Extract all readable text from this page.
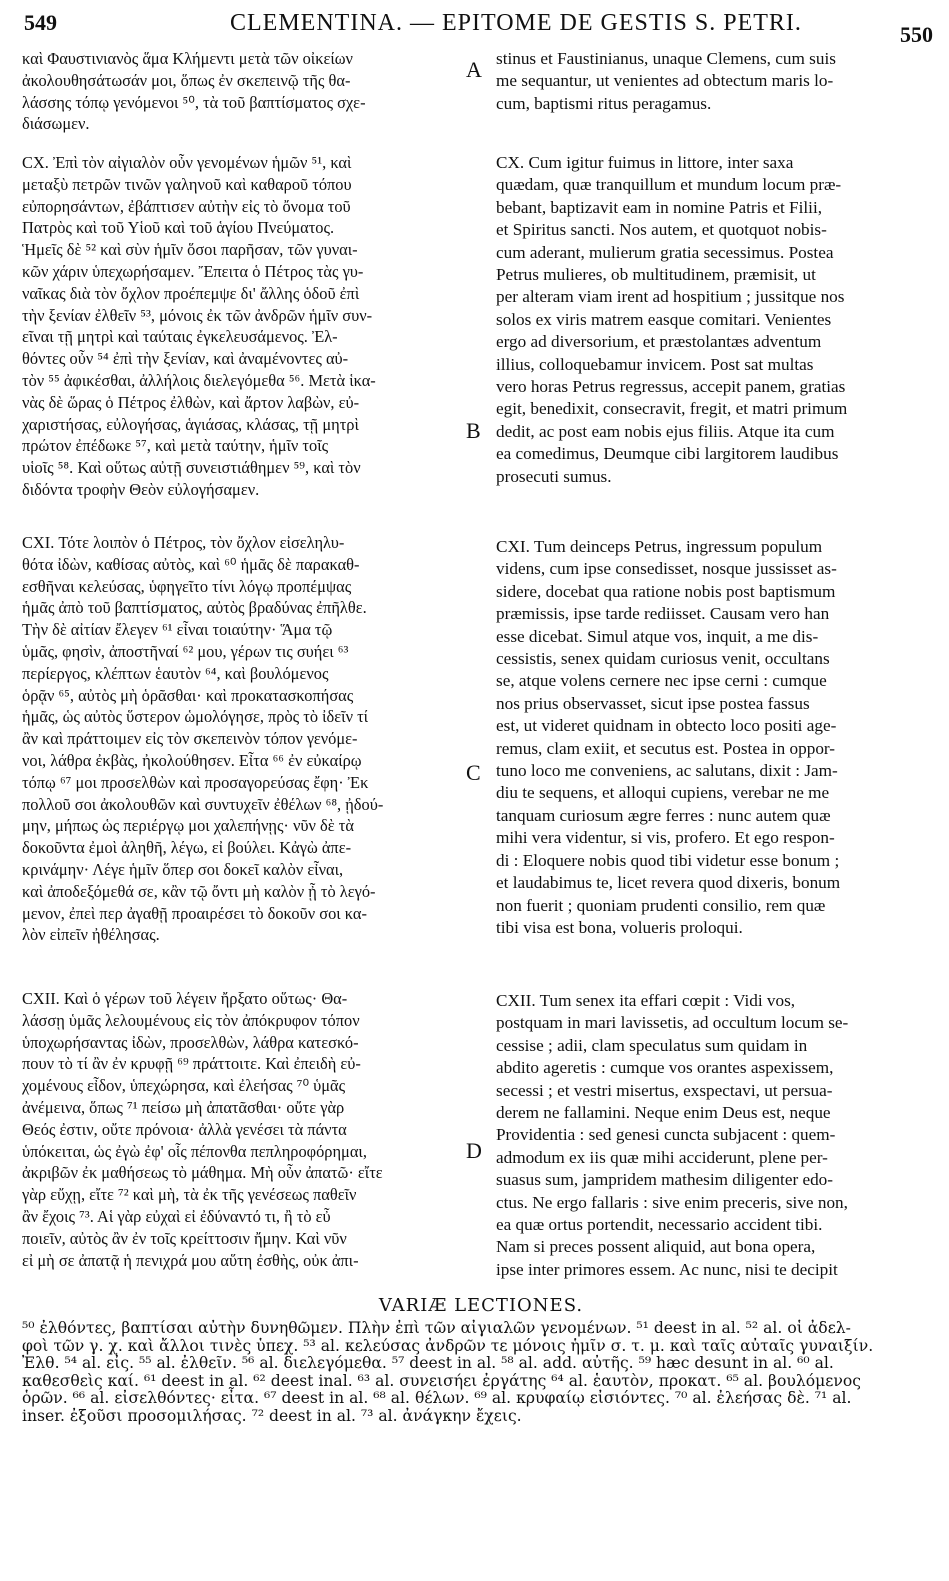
549	CLEMENTINA. — EPITOME DE GESTIS S. PETRI.	550
καὶ Φαυστινιανὸς ἅμα Κλήμεντι μετὰ τῶν οἰκείων
ἀκολουθησάτωσάν μοι, ὅπως ἐν σκεπεινῷ τῆς θα-
λάσσης τόπῳ γενόμενοι ⁵⁰, τὰ τοῦ βαπτίσματος σχε-
διάσωμεν.
CX. Ἐπὶ τὸν αἰγιαλὸν οὖν γενομένων ἡμῶν ⁵¹, καὶ
μεταξὺ πετρῶν τινῶν γαληνοῦ καὶ καθαροῦ τόπου
εὐπορησάντων, ἐβάπτισεν αὐτὴν εἰς τὸ ὄνομα τοῦ
Πατρὸς καὶ τοῦ Υἱοῦ καὶ τοῦ ἁγίου Πνεύματος.
Ἡμεῖς δὲ ⁵² καὶ σὺν ἡμῖν ὅσοι παρῆσαν, τῶν γυναι-
κῶν χάριν ὑπεχωρήσαμεν. Ἔπειτα ὁ Πέτρος τὰς γυ-
ναῖκας διὰ τὸν ὄχλον προέπεμψε δι' ἄλλης ὁδοῦ ἐπὶ
τὴν ξενίαν ἐλθεῖν ⁵³, μόνοις ἐκ τῶν ἀνδρῶν ἡμῖν συν-
εῖναι τῇ μητρὶ καὶ ταύταις ἐγκελευσάμενος. Ἐλ-
θόντες οὖν ⁵⁴ ἐπὶ τὴν ξενίαν, καὶ ἀναμένοντες αὐ-
τὸν ⁵⁵ ἀφικέσθαι, ἀλλήλοις διελεγόμεθα ⁵⁶. Μετὰ ἱκα-
νὰς δὲ ὥρας ὁ Πέτρος ἐλθὼν, καὶ ἄρτον λαβὼν, εὐ-
χαριστήσας, εὐλογήσας, ἁγιάσας, κλάσας, τῇ μητρὶ
πρώτον ἐπέδωκε ⁵⁷, καὶ μετὰ ταύτην, ἡμῖν τοῖς
υἱοῖς ⁵⁸. Καὶ οὕτως αὐτῇ συνειστιάθημεν ⁵⁹, καὶ τὸν
διδόντα τροφὴν Θεὸν εὐλογήσαμεν.
CXI. Τότε λοιπὸν ὁ Πέτρος, τὸν ὄχλον εἰσεληλυ-
θότα ἰδὼν, καθίσας αὐτὸς, καὶ ⁶⁰ ἡμᾶς δὲ παρακαθ-
εσθῆναι κελεύσας, ὑφηγεῖτο τίνι λόγῳ προπέμψας
ἡμᾶς ἀπὸ τοῦ βαπτίσματος, αὐτὸς βραδύνας ἐπῆλθε.
Τὴν δὲ αἰτίαν ἔλεγεν ⁶¹ εἶναι τοιαύτην· Ἅμα τῷ
ὑμᾶς, φησὶν, ἀποστῆναί ⁶² μου, γέρων τις συήει ⁶³
περίεργος, κλέπτων ἑαυτὸν ⁶⁴, καὶ βουλόμενος
ὁρᾷν ⁶⁵, αὐτὸς μὴ ὁρᾶσθαι· καὶ προκατασκοπήσας
ἡμᾶς, ὡς αὐτὸς ὕστερον ὡμολόγησε, πρὸς τὸ ἰδεῖν τί
ἂν καὶ πράττοιμεν εἰς τὸν σκεπεινὸν τόπον γενόμε-
νοι, λάθρα ἐκβὰς, ἠκολούθησεν. Εἶτα ⁶⁶ ἐν εὐκαίρῳ
τόπῳ ⁶⁷ μοι προσελθὼν καὶ προσαγορεύσας ἔφη· Ἐκ
πολλοῦ σοι ἀκολουθῶν καὶ συντυχεῖν ἐθέλων ⁶⁸, ᾐδού-
μην, μήπως ὡς περιέργῳ μοι χαλεπήνῃς· νῦν δὲ τὰ
δοκοῦντα ἐμοὶ ἀληθῆ, λέγω, εἰ βούλει. Κἀγὼ ἀπε-
κρινάμην· Λέγε ἡμῖν ὅπερ σοι δοκεῖ καλὸν εἶναι,
καὶ ἀποδεξόμεθά σε, κἂν τῷ ὄντι μὴ καλὸν ᾖ τὸ λεγό-
μενον, ἐπεὶ περ ἀγαθῇ προαιρέσει τὸ δοκοῦν σοι κα-
λὸν εἰπεῖν ἠθέλησας.
CXII. Καὶ ὁ γέρων τοῦ λέγειν ἤρξατο οὕτως· Θα-
λάσσῃ ὑμᾶς λελουμένους εἰς τὸν ἀπόκρυφον τόπον
ὑποχωρήσαντας ἰδὼν, προσελθὼν, λάθρα κατεσκό-
πουν τὸ τί ἂν ἐν κρυφῇ ⁶⁹ πράττοιτε. Καὶ ἐπειδὴ εὐ-
χομένους εἶδον, ὑπεχώρησα, καὶ ἐλεήσας ⁷⁰ ὑμᾶς
ἀνέμεινα, ὅπως ⁷¹ πείσω μὴ ἀπατᾶσθαι· οὔτε γὰρ
Θεός ἐστιν, οὔτε πρόνοια· ἀλλὰ γενέσει τὰ πάντα
ὑπόκειται, ὡς ἐγὼ ἐφ' οἷς πέπονθα πεπληροφόρημαι,
ἀκριβῶν ἐκ μαθήσεως τὸ μάθημα. Μὴ οὖν ἀπατῶ· εἴτε
γὰρ εὔχῃ, εἴτε ⁷² καὶ μὴ, τὰ ἐκ τῆς γενέσεως παθεῖν
ἂν ἔχοις ⁷³. Αἱ γὰρ εὐχαὶ εἰ ἐδύναντό τι, ἢ τὸ εὖ
ποιεῖν, αὐτὸς ἂν ἐν τοῖς κρείττοσιν ἤμην. Καὶ νῦν
εἰ μὴ σε ἀπατᾷ ἡ πενιχρά μου αὕτη ἐσθὴς, οὐκ ἀπι-
A
B
C
D
stinus et Faustinianus, unaque Clemens, cum suis
me sequantur, ut venientes ad obtectum maris lo-
cum, baptismi ritus peragamus.
CX. Cum igitur fuimus in littore, inter saxa
quædam, quæ tranquillum et mundum locum præ-
bebant, baptizavit eam in nomine Patris et Filii,
et Spiritus sancti. Nos autem, et quotquot nobis-
cum aderant, mulierum gratia secessimus. Postea
Petrus mulieres, ob multitudinem, præmisit, ut
per alteram viam irent ad hospitium ; jussitque nos
solos ex viris matrem easque comitari. Venientes
ergo ad diversorium, et præstolantæs adventum
illius, colloquebamur invicem. Post sat multas
vero horas Petrus regressus, accepit panem, gratias
egit, benedixit, consecravit, fregit, et matri primum
dedit, ac post eam nobis ejus filiis. Atque ita cum
ea comedimus, Deumque cibi largitorem laudibus
prosecuti sumus.
CXI. Tum deinceps Petrus, ingressum populum
videns, cum ipse consedisset, nosque jussisset as-
sidere, docebat qua ratione nobis post baptismum
præmissis, ipse tarde rediisset. Causam vero han
esse dicebat. Simul atque vos, inquit, a me dis-
cessistis, senex quidam curiosus venit, occultans
se, atque volens cernere nec ipse cerni : cumque
nos prius observasset, sicut ipse postea fassus
est, ut videret quidnam in obtecto loco positi age-
remus, clam exiit, et secutus est. Postea in oppor-
tuno loco me conveniens, ac salutans, dixit : Jam-
diu te sequens, et alloqui cupiens, verebar ne me
tanquam curiosum ægre ferres : nunc autem quæ
mihi vera videntur, si vis, profero. Et ego respon-
di : Eloquere nobis quod tibi videtur esse bonum ;
et laudabimus te, licet revera quod dixeris, bonum
non fuerit ; quoniam prudenti consilio, rem quæ
tibi visa est bona, volueris proloqui.
CXII. Tum senex ita effari cœpit : Vidi vos,
postquam in mari lavissetis, ad occultum locum se-
cessise ; adii, clam speculatus sum quidam in
abdito ageretis : cumque vos orantes aspexissem,
secessi ; et vestri misertus, exspectavi, ut persua-
derem ne fallamini. Neque enim Deus est, neque
Providentia : sed genesi cuncta subjacent : quem-
admodum ex iis quæ mihi acciderunt, plene per-
suasus sum, jampridem mathesim diligenter edo-
ctus. Ne ergo fallaris : sive enim preceris, sive non,
ea quæ ortus portendit, necessario accident tibi.
Nam si preces possent aliquid, aut bona opera,
ipse inter primores essem. Ac nunc, nisi te decipit
VARIÆ LECTIONES.
⁵⁰ ἐλθόντες, βαπτίσαι αὐτὴν δυνηθῶμεν. Πλὴν ἐπὶ τῶν αἰγιαλῶν γενομένων. ⁵¹ deest in al. ⁵² al. οἱ ἀδελ-
φοὶ τῶν γ. χ. καὶ ἄλλοι τινὲς ὑπεχ. ⁵³ al. κελεύσας ἀνδρῶν τε μόνοις ἡμῖν σ. τ. μ. καὶ ταῖς αὐταῖς γυναιξίν.
Ἐλθ. ⁵⁴ al. εἰς. ⁵⁵ al. ἐλθεῖν. ⁵⁶ al. διελεγόμεθα. ⁵⁷ deest in al. ⁵⁸ al. add. αὐτῆς. ⁵⁹ hæc desunt in al. ⁶⁰ al.
καθεσθεὶς καί. ⁶¹ deest in al. ⁶² deest inal. ⁶³ al. συνεισήει ἐργάτης ⁶⁴ al. ἑαυτὸν, προκατ. ⁶⁵ al. βουλόμενος
ὁρῶν. ⁶⁶ al. εἰσελθόντες· εἶτα. ⁶⁷ deest in al. ⁶⁸ al. θέλων. ⁶⁹ al. κρυφαίῳ εἰσιόντες. ⁷⁰ al. ἐλεήσας δὲ. ⁷¹ al.
inser. ἐξοῦσι προσομιλήσας. ⁷² deest in al. ⁷³ al. ἀνάγκην ἔχεις.
